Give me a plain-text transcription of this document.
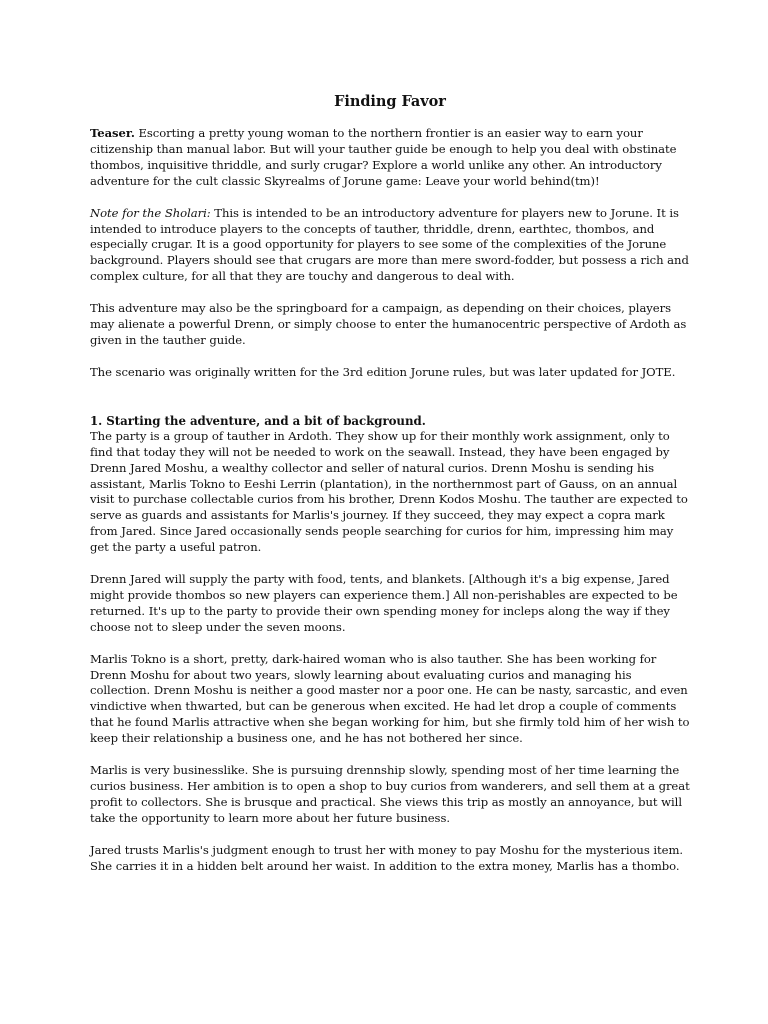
Finding Favor

Teaser. Escorting a pretty young woman to the northern frontier is an easier way to earn your citizenship than manual labor. But will your tauther guide be enough to help you deal with obstinate thombos, inquisitive thriddle, and surly crugar? Explore a world unlike any other. An introductory adventure for the cult classic Skyrealms of Jorune game: Leave your world behind(tm)!

Note for the Sholari: This is intended to be an introductory adventure for players new to Jorune. It is intended to introduce players to the concepts of tauther, thriddle, drenn, earthtec, thombos, and especially crugar. It is a good opportunity for players to see some of the complexities of the Jorune background. Players should see that crugars are more than mere sword-fodder, but possess a rich and complex culture, for all that they are touchy and dangerous to deal with.

This adventure may also be the springboard for a campaign, as depending on their choices, players may alienate a powerful Drenn, or simply choose to enter the humanocentric perspective of Ardoth as given in the tauther guide.

The scenario was originally written for the 3rd edition Jorune rules, but was later updated for JOTE.

1. Starting the adventure, and a bit of background.

The party is a group of tauther in Ardoth. They show up for their monthly work assignment, only to find that today they will not be needed to work on the seawall. Instead, they have been engaged by Drenn Jared Moshu, a wealthy collector and seller of natural curios. Drenn Moshu is sending his assistant, Marlis Tokno to Eeshi Lerrin (plantation), in the northernmost part of Gauss, on an annual visit to purchase collectable curios from his brother, Drenn Kodos Moshu. The tauther are expected to serve as guards and assistants for Marlis's journey. If they succeed, they may expect a copra mark from Jared. Since Jared occasionally sends people searching for curios for him, impressing him may get the party a useful patron.

Drenn Jared will supply the party with food, tents, and blankets. [Although it's a big expense, Jared might provide thombos so new players can experience them.] All non-perishables are expected to be returned. It's up to the party to provide their own spending money for incleps along the way if they choose not to sleep under the seven moons.

Marlis Tokno is a short, pretty, dark-haired woman who is also tauther. She has been working for Drenn Moshu for about two years, slowly learning about evaluating curios and managing his collection. Drenn Moshu is neither a good master nor a poor one. He can be nasty, sarcastic, and even vindictive when thwarted, but can be generous when excited. He had let drop a couple of comments that he found Marlis attractive when she began working for him, but she firmly told him of her wish to keep their relationship a business one, and he has not bothered her since.

Marlis is very businesslike. She is pursuing drennship slowly, spending most of her time learning the curios business. Her ambition is to open a shop to buy curios from wanderers, and sell them at a great profit to collectors. She is brusque and practical. She views this trip as mostly an annoyance, but will take the opportunity to learn more about her future business.

Jared trusts Marlis's judgment enough to trust her with money to pay Moshu for the mysterious item. She carries it in a hidden belt around her waist. In addition to the extra money, Marlis has a thombo.
